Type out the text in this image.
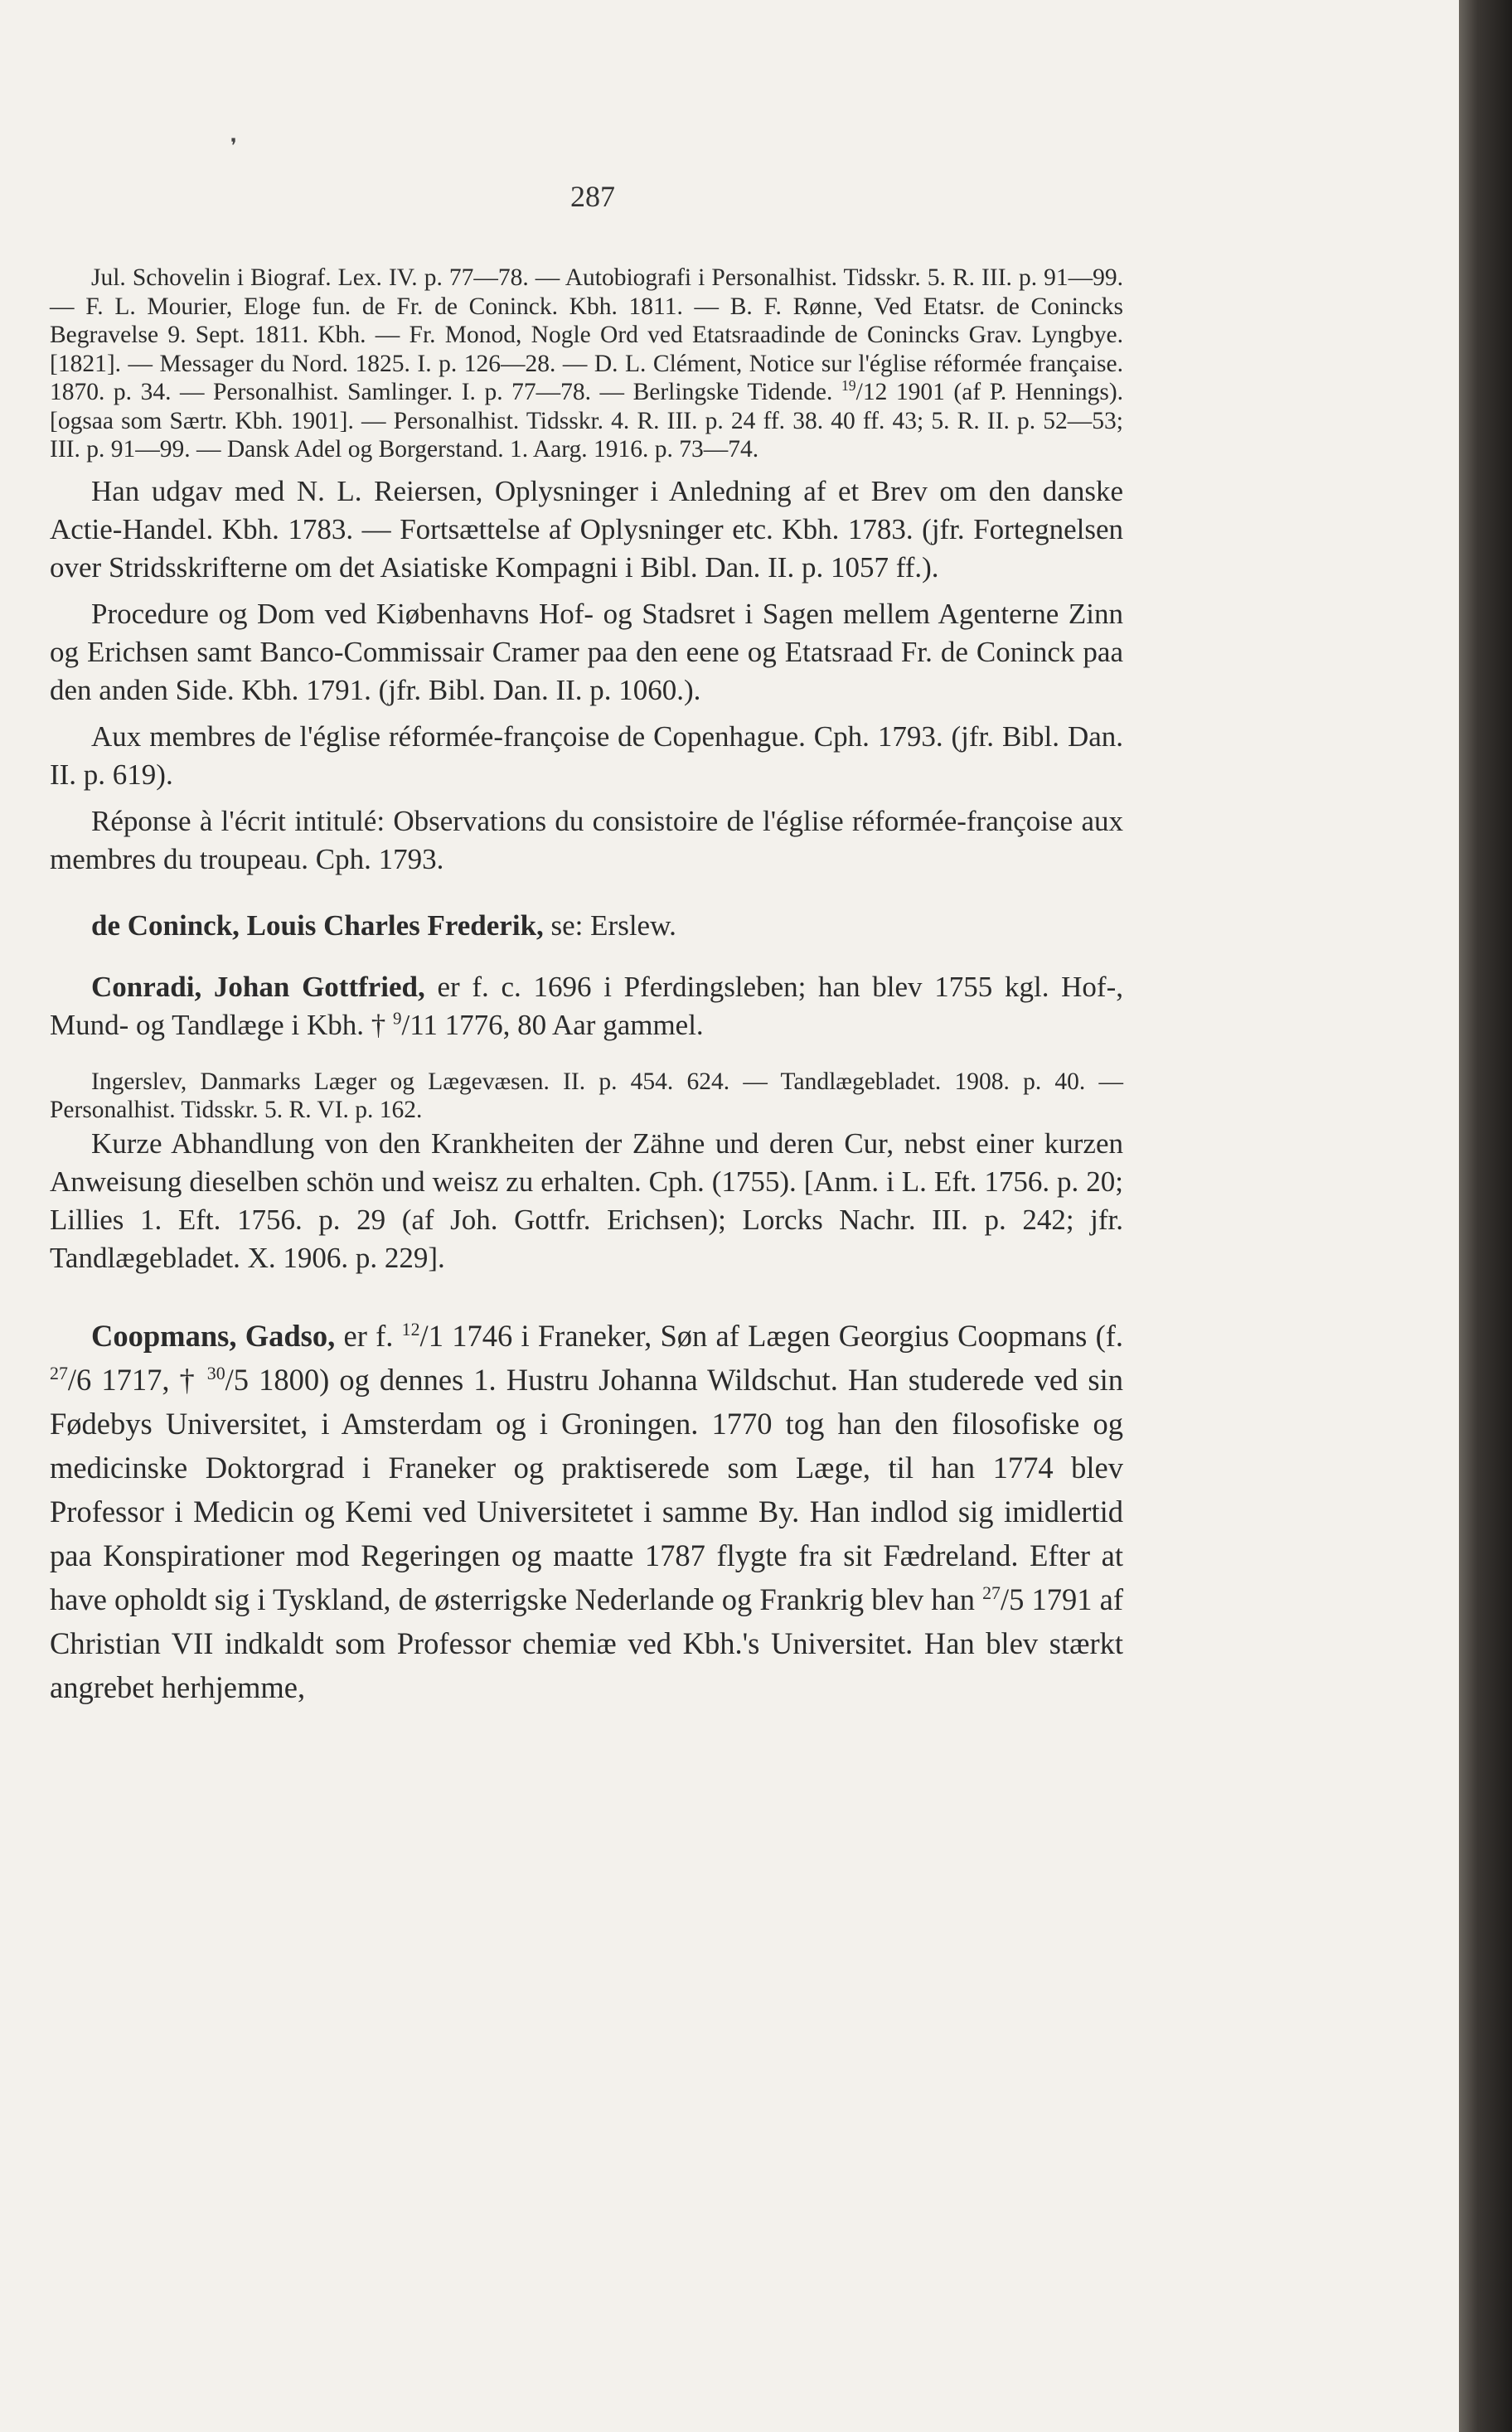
287
❜

Jul. Schovelin i Biograf. Lex. IV. p. 77—78. — Autobiografi i Personalhist. Tidsskr. 5. R. III. p. 91—99. — F. L. Mourier, Eloge fun. de Fr. de Coninck. Kbh. 1811. — B. F. Rønne, Ved Etatsr. de Conincks Begravelse 9. Sept. 1811. Kbh. — Fr. Monod, Nogle Ord ved Etatsraadinde de Conincks Grav. Lyngbye. [1821]. — Messager du Nord. 1825. I. p. 126—28. — D. L. Clément, Notice sur l'église réformée française. 1870. p. 34. — Personalhist. Samlinger. I. p. 77—78. — Berlingske Tidende. $^{19}$/12 1901 (af P. Hennings). [ogsaa som Særtr. Kbh. 1901]. — Personalhist. Tidsskr. 4. R. III. p. 24 ff. 38. 40 ff. 43; 5. R. II. p. 52—53; III. p. 91—99. — Dansk Adel og Borgerstand. 1. Aarg. 1916. p. 73—74.

Han udgav med N. L. Reiersen, Oplysninger i Anledning af et Brev om den danske Actie-Handel. Kbh. 1783. — Fortsættelse af Oplysninger etc. Kbh. 1783. (jfr. Fortegnelsen over Stridsskrifterne om det Asiatiske Kompagni i Bibl. Dan. II. p. 1057 ff.).

Procedure og Dom ved Kiøbenhavns Hof- og Stadsret i Sagen mellem Agenterne Zinn og Erichsen samt Banco-Commissair Cramer paa den eene og Etatsraad Fr. de Coninck paa den anden Side. Kbh. 1791. (jfr. Bibl. Dan. II. p. 1060.).

Aux membres de l'église réformée-françoise de Copenhague. Cph. 1793. (jfr. Bibl. Dan. II. p. 619).

Réponse à l'écrit intitulé: Observations du consistoire de l'église réformée-françoise aux membres du troupeau. Cph. 1793.

de Coninck, Louis Charles Frederik, se: Erslew.

Conradi, Johan Gottfried, er f. c. 1696 i Pferdingsleben; han blev 1755 kgl. Hof-, Mund- og Tandlæge i Kbh. † $^9$/11 1776, 80 Aar gammel.

Ingerslev, Danmarks Læger og Lægevæsen. II. p. 454. 624. — Tandlægebladet. 1908. p. 40. — Personalhist. Tidsskr. 5. R. VI. p. 162.

Kurze Abhandlung von den Krankheiten der Zähne und deren Cur, nebst einer kurzen Anweisung dieselben schön und weisz zu erhalten. Cph. (1755). [Anm. i L. Eft. 1756. p. 20; Lillies 1. Eft. 1756. p. 29 (af Joh. Gottfr. Erichsen); Lorcks Nachr. III. p. 242; jfr. Tandlægebladet. X. 1906. p. 229].

Coopmans, Gadso, er f. $^{12}$/1 1746 i Franeker, Søn af Lægen Georgius Coopmans (f. $^{27}$/6 1717, † $^{30}$/5 1800) og dennes 1. Hustru Johanna Wildschut. Han studerede ved sin Fødebys Universitet, i Amsterdam og i Groningen. 1770 tog han den filosofiske og medicinske Doktorgrad i Franeker og praktiserede som Læge, til han 1774 blev Professor i Medicin og Kemi ved Universitetet i samme By. Han indlod sig imidlertid paa Konspirationer mod Regeringen og maatte 1787 flygte fra sit Fædreland. Efter at have opholdt sig i Tyskland, de østerrigske Nederlande og Frankrig blev han $^{27}$/5 1791 af Christian VII indkaldt som Professor chemiæ ved Kbh.'s Universitet. Han blev stærkt angrebet herhjemme,
